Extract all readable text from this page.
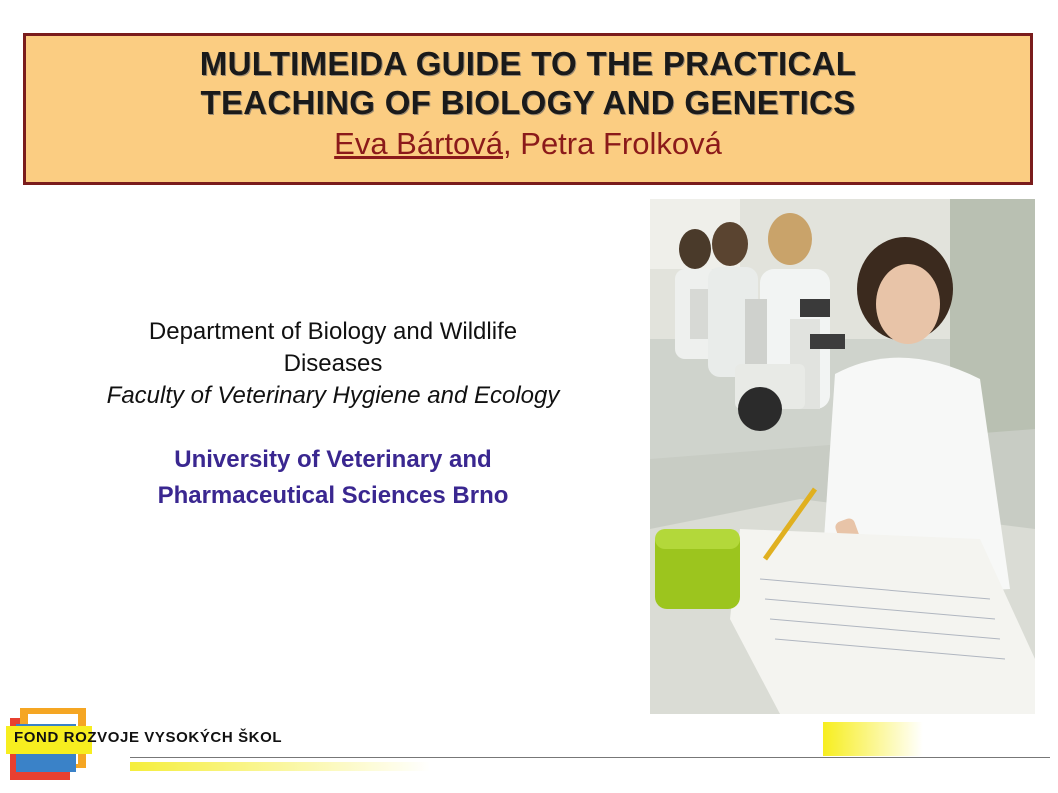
MULTIMEIDA GUIDE TO THE PRACTICAL
TEACHING OF BIOLOGY AND GENETICS
Eva Bártová, Petra Frolková
Department of Biology and Wildlife
Diseases
Faculty of Veterinary Hygiene and Ecology
University of Veterinary and
Pharmaceutical Sciences Brno
FOND ROZVOJE VYSOKÝCH ŠKOL
